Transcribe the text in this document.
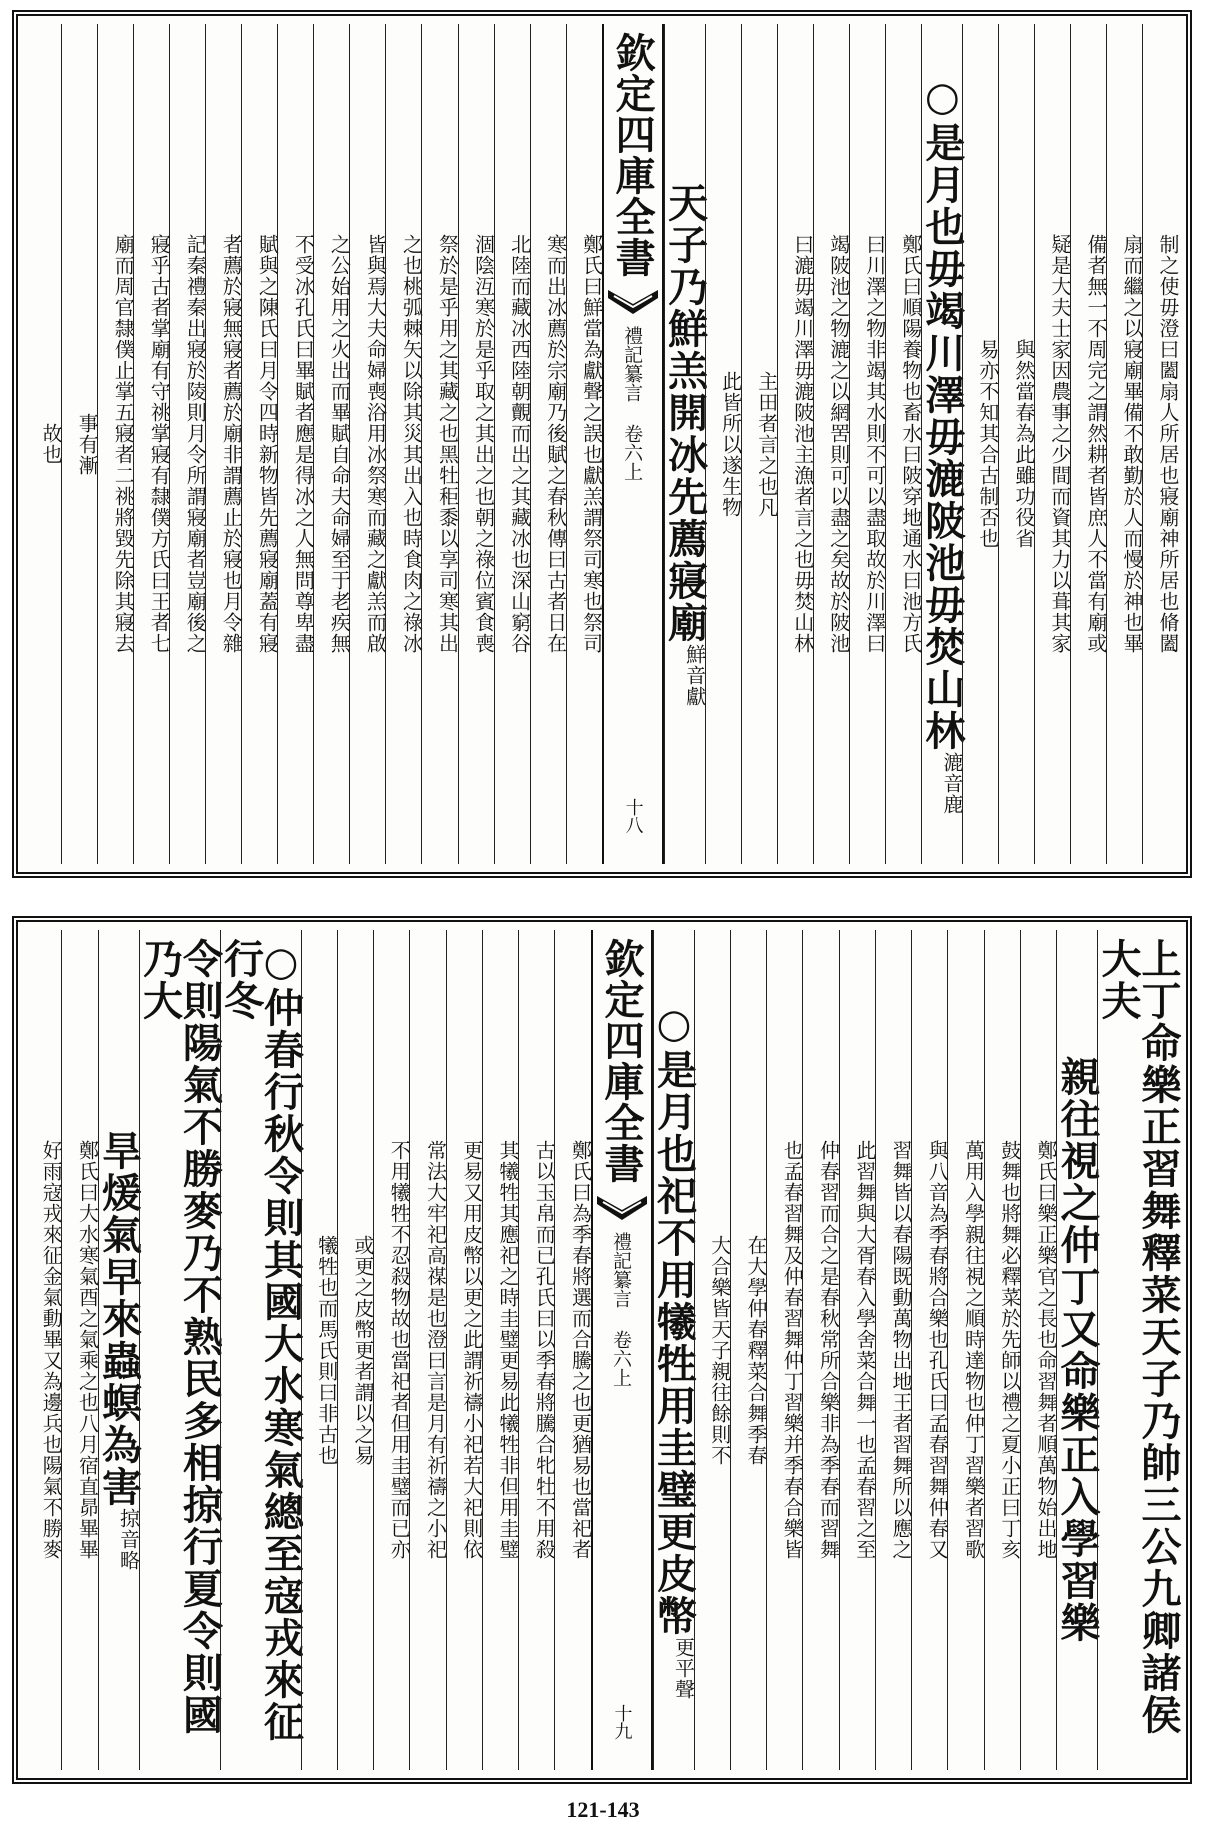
制之使毋澄曰闔扇人所居也寢廟神所居也脩闔
扇而繼之以寢廟畢備不敢勤於人而慢於神也畢
備者無一不周完之謂然耕者皆庶人不當有廟或
疑是大夫士家因農事之少間而資其力以葺其家
與然當春為此雖功役省
易亦不知其合古制否也
○是月也毋竭川澤毋漉陂池毋焚山林
漉音鹿
鄭氏曰順陽養物也畜水曰陂穿地通水曰池方氏
曰川澤之物非竭其水則不可以盡取故於川澤曰
竭陂池之物漉之以網罟則可以盡之矣故於陂池
曰漉毋竭川澤毋漉陂池主漁者言之也毋焚山林
主田者言之也凡
此皆所以遂生物
天子乃鮮羔開冰先薦寢廟
鮮音獻
欽定四庫全書
禮記纂言 卷六上
十八
鄭氏曰鮮當為獻聲之誤也獻羔謂祭司寒也祭司
寒而出冰薦於宗廟乃後賦之春秋傳曰古者日在
北陸而藏冰西陸朝覿而出之其藏冰也深山窮谷
涸陰沍寒於是乎取之其出之也朝之祿位賓食喪
祭於是乎用之其藏之也黑牡秬黍以享司寒其出
之也桃弧棘矢以除其災其出入也時食肉之祿冰
皆與焉大夫命婦喪浴用冰祭寒而藏之獻羔而啟
之公始用之火出而畢賦自命夫命婦至于老疾無
不受冰孔氏曰畢賦者應是得冰之人無問尊卑盡
賦與之陳氏曰月令四時新物皆先薦寢廟蓋有寢
者薦於寢無寢者薦於廟非謂薦止於寢也月令雜
記秦禮秦出寢於陵則月令所謂寢廟者豈廟後之
寢乎古者掌廟有守祧掌寢有隸僕方氏曰王者七
廟而周官隸僕止掌五寢者二祧將毀先除其寢去
事有漸
故也
上丁命樂正習舞釋菜天子乃帥三公九卿諸侯大夫
親往視之仲丁又命樂正入學習樂
鄭氏曰樂正樂官之長也命習舞者順萬物始出地
鼓舞也將舞必釋菜於先師以禮之夏小正曰丁亥
萬用入學親往視之順時達物也仲丁習樂者習歌
與八音為季春將合樂也孔氏曰孟春習舞仲春又
習舞皆以春陽既動萬物出地王者習舞所以應之
此習舞與大胥春入學舍菜合舞一也孟春習之至
仲春習而合之是春秋常所合樂非為季春而習舞
也孟春習舞及仲春習舞仲丁習樂并季春合樂皆
在大學仲春釋菜合舞季春
大合樂皆天子親往餘則不
○是月也祀不用犧牲用圭璧更皮幣
更平聲
欽定四庫全書
禮記纂言 卷六上
十九
鄭氏曰為季春將選而合騰之也更猶易也當祀者
古以玉帛而已孔氏曰以季春將騰合牝牡不用殺
其犧牲其應祀之時圭璧更易此犧牲非但用圭璧
更易又用皮幣以更之此謂祈禱小祀若大祀則依
常法大牢祀高禖是也澄曰言是月有祈禱之小祀
不用犧牲不忍殺物故也當祀者但用圭璧而已亦
或更之皮幣更者謂以之易
犧牲也而馬氏則曰非古也
○仲春行秋令則其國大水寒氣總至寇戎來征行冬
令則陽氣不勝麥乃不熟民多相掠行夏令則國乃大
旱煖氣早來蟲螟為害
掠音略
鄭氏曰大水寒氣酉之氣乘之也八月宿直昴畢畢
好雨寇戎來征金氣動畢又為邊兵也陽氣不勝麥
121-143
